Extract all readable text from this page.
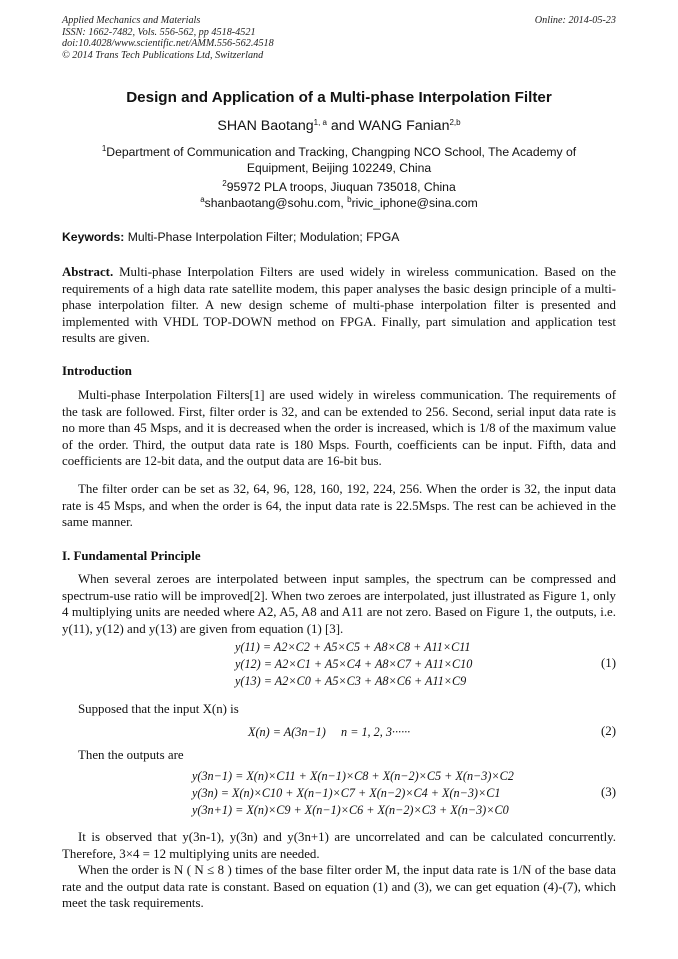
Applied Mechanics and Materials
ISSN: 1662-7482, Vols. 556-562, pp 4518-4521
doi:10.4028/www.scientific.net/AMM.556-562.4518
© 2014 Trans Tech Publications Ltd, Switzerland
Online: 2014-05-23
Design and Application of a Multi-phase Interpolation Filter
SHAN Baotang$^{1, a}$ and WANG Fanian$^{2,b}$
$^1$Department of Communication and Tracking, Changping NCO School, The Academy of
Equipment, Beijing 102249, China
$^2$95972 PLA troops, Jiuquan 735018, China
$^a$shanbaotang@sohu.com, $^b$rivic_iphone@sina.com
Keywords: Multi-Phase Interpolation Filter; Modulation; FPGA

Abstract. Multi-phase Interpolation Filters are used widely in wireless communication. Based on the requirements of a high data rate satellite modem, this paper analyses the basic design principle of a multi-phase interpolation filter. A new design scheme of multi-phase interpolation filter is presented and implemented with VHDL TOP-DOWN method on FPGA. Finally, part simulation and application test results are given.

Introduction

Multi-phase Interpolation Filters[1] are used widely in wireless communication. The requirements of the task are followed. First, filter order is 32, and can be extended to 256. Second, serial input data rate is no more than 45 Msps, and it is decreased when the order is increased, which is 1/8 of the maximum value of the order. Third, the output data rate is 180 Msps. Fourth, coefficients can be input. Fifth, data and coefficients are 12-bit data, and the output data are 16-bit bus.

The filter order can be set as 32, 64, 96, 128, 160, 192, 224, 256. When the order is 32, the input data rate is 45 Msps, and when the order is 64, the input data rate is 22.5Msps. The rest can be achieved in the same manner.

I. Fundamental Principle

When several zeroes are interpolated between input samples, the spectrum can be compressed and spectrum-use ratio will be improved[2]. When two zeroes are interpolated, just illustrated as Figure 1, only 4 multiplying units are needed where A2, A5, A8 and A11 are not zero. Based on Figure 1, the outputs, i.e. y(11), y(12) and y(13) are given from equation (1) [3].

y(11) = A2×C2 + A5×C5 + A8×C8 + A11×C11
y(12) = A2×C1 + A5×C4 + A8×C7 + A11×C10
y(13) = A2×C0 + A5×C3 + A8×C6 + A11×C9
(1)

Supposed that the input X(n) is

X(n) = A(3n−1)     n = 1, 2, 3······	(2)

Then the outputs are

y(3n−1) = X(n)×C11 + X(n−1)×C8 + X(n−2)×C5 + X(n−3)×C2
y(3n) = X(n)×C10 + X(n−1)×C7 + X(n−2)×C4 + X(n−3)×C1
y(3n+1) = X(n)×C9 + X(n−1)×C6 + X(n−2)×C3 + X(n−3)×C0
(3)

It is observed that y(3n-1), y(3n) and y(3n+1) are uncorrelated and can be calculated concurrently. Therefore, 3×4 = 12 multiplying units are needed.

When the order is N ( N ≤ 8 ) times of the base filter order M, the input data rate is 1/N of the base data rate and the output data rate is constant. Based on equation (1) and (3), we can get equation (4)-(7), which meet the task requirements.
